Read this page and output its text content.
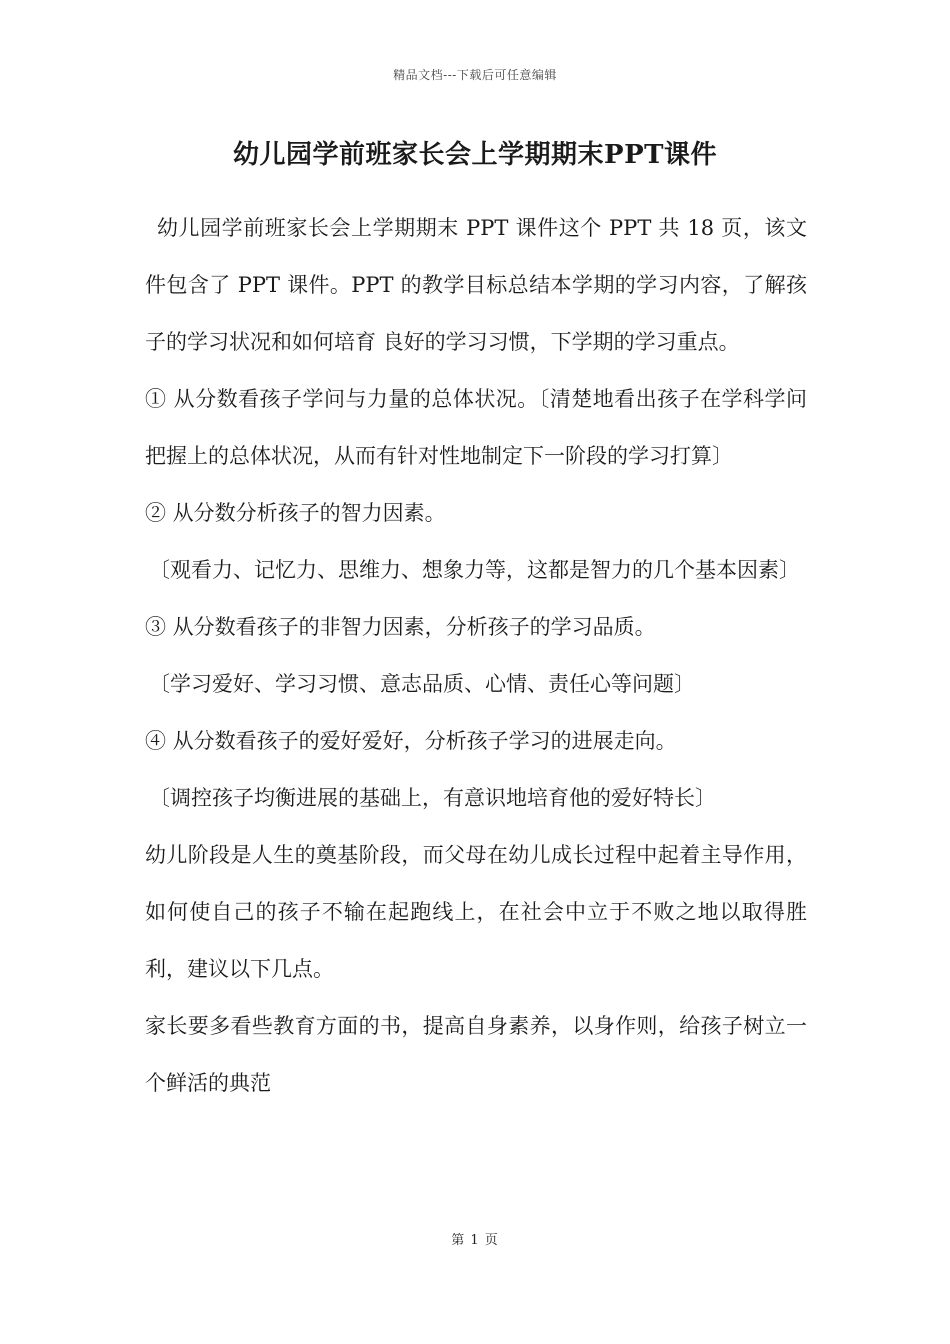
精品文档---下载后可任意编辑
幼儿园学前班家长会上学期期末PPT课件

幼儿园学前班家长会上学期期末 PPT 课件这个 PPT 共 18 页，该文件包含了 PPT 课件。PPT 的教学目标总结本学期的学习内容，了解孩子的学习状况和如何培育 良好的学习习惯，下学期的学习重点。

① 从分数看孩子学问与力量的总体状况。〔清楚地看出孩子在学科学问把握上的总体状况，从而有针对性地制定下一阶段的学习打算〕

② 从分数分析孩子的智力因素。

〔观看力、记忆力、思维力、想象力等，这都是智力的几个基本因素〕

③ 从分数看孩子的非智力因素，分析孩子的学习品质。

〔学习爱好、学习习惯、意志品质、心情、责任心等问题〕

④ 从分数看孩子的爱好爱好，分析孩子学习的进展走向。

〔调控孩子均衡进展的基础上，有意识地培育他的爱好特长〕

幼儿阶段是人生的奠基阶段，而父母在幼儿成长过程中起着主导作用，如何使自己的孩子不输在起跑线上，在社会中立于不败之地以取得胜利，建议以下几点。

家长要多看些教育方面的书，提高自身素养，以身作则，给孩子树立一个鲜活的典范

第 1 页
